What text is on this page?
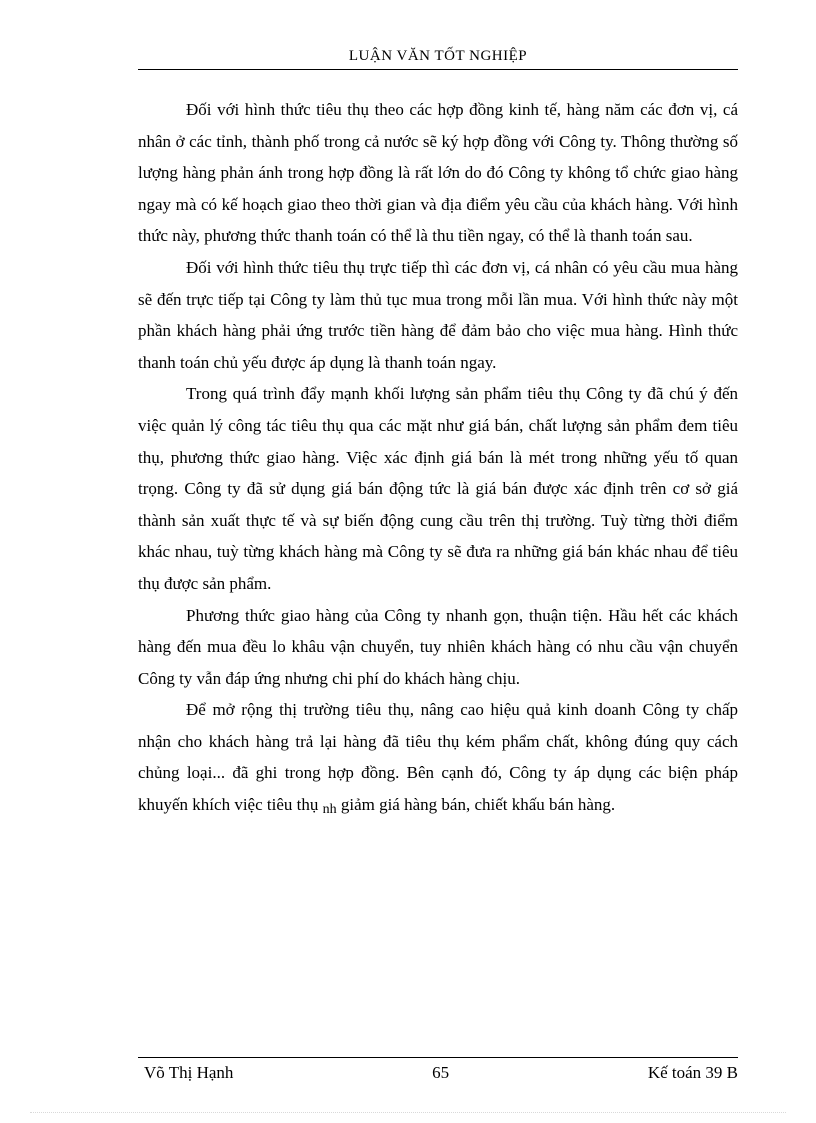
LUẬN VĂN TỐT NGHIỆP

Đối với hình thức tiêu thụ theo các hợp đồng kinh tế, hàng năm các đơn vị, cá nhân ở các tỉnh, thành phố trong cả nước sẽ ký hợp đồng với Công ty. Thông thường số lượng hàng phản ánh trong hợp đồng là rất lớn do đó Công ty không tổ chức giao hàng ngay mà có kế hoạch giao theo thời gian và địa điểm yêu cầu của khách hàng. Với hình thức này, phương thức thanh toán có thể là thu tiền ngay, có thể là thanh toán sau.

Đối với hình thức tiêu thụ trực tiếp thì các đơn vị, cá nhân có yêu cầu mua hàng sẽ đến trực tiếp tại Công ty làm thủ tục mua trong mỗi lần mua. Với hình thức này một phần khách hàng phải ứng trước tiền hàng để đảm bảo cho việc mua hàng. Hình thức thanh toán chủ yếu được áp dụng là thanh toán ngay.

Trong quá trình đẩy mạnh khối lượng sản phẩm tiêu thụ Công ty đã chú ý đến việc quản lý công tác tiêu thụ qua các mặt như giá bán, chất lượng sản phẩm đem tiêu thụ, phương thức giao hàng. Việc xác định giá bán là mét trong những yếu tố quan trọng. Công ty đã sử dụng giá bán động tức là giá bán được xác định trên cơ sở giá thành sản xuất thực tế và sự biến động cung cầu trên thị trường. Tuỳ từng thời điểm khác nhau, tuỳ từng khách hàng mà Công ty sẽ đưa ra những giá bán khác nhau để tiêu thụ được sản phẩm.

Phương thức giao hàng của Công ty nhanh gọn, thuận tiện. Hầu hết các khách hàng đến mua đều lo khâu vận chuyển, tuy nhiên khách hàng có nhu cầu vận chuyển Công ty vẫn đáp ứng nhưng chi phí do khách hàng chịu.

Để mở rộng thị trường tiêu thụ, nâng cao hiệu quả kinh doanh Công ty chấp nhận cho khách hàng trả lại hàng đã tiêu thụ kém phẩm chất, không đúng quy cách chủng loại... đã ghi trong hợp đồng. Bên cạnh đó, Công ty áp dụng các biện pháp khuyến khích việc tiêu thụ nh giảm giá hàng bán, chiết khấu bán hàng.

Võ Thị Hạnh	65	Kế toán 39 B
